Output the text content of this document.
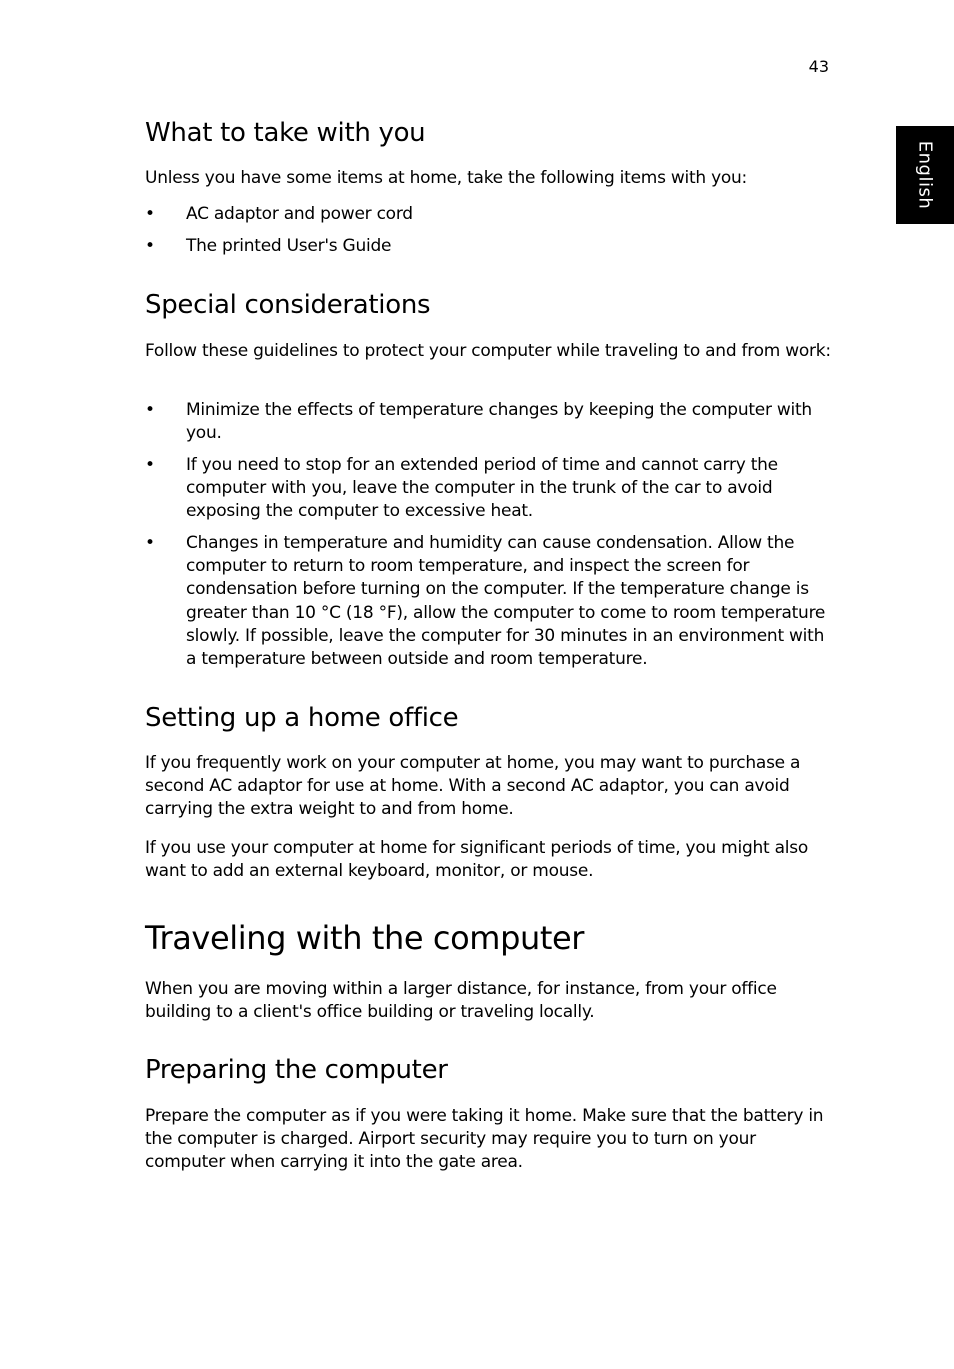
43
English
What to take with you

Unless you have some items at home, take the following items with you:

•	AC adaptor and power cord
•	The printed User's Guide
Special considerations

Follow these guidelines to protect your computer while traveling to and from work:

•	Minimize the effects of temperature changes by keeping the computer with you.
•	If you need to stop for an extended period of time and cannot carry the computer with you, leave the computer in the trunk of the car to avoid exposing the computer to excessive heat.
•	Changes in temperature and humidity can cause condensation. Allow the computer to return to room temperature, and inspect the screen for condensation before turning on the computer. If the temperature change is greater than 10 °C (18 °F), allow the computer to come to room temperature slowly. If possible, leave the computer for 30 minutes in an environment with a temperature between outside and room temperature.
Setting up a home office

If you frequently work on your computer at home, you may want to purchase a second AC adaptor for use at home. With a second AC adaptor, you can avoid carrying the extra weight to and from home.

If you use your computer at home for significant periods of time, you might also want to add an external keyboard, monitor, or mouse.

Traveling with the computer

When you are moving within a larger distance, for instance, from your office building to a client's office building or traveling locally.

Preparing the computer

Prepare the computer as if you were taking it home. Make sure that the battery in the computer is charged. Airport security may require you to turn on your computer when carrying it into the gate area.
